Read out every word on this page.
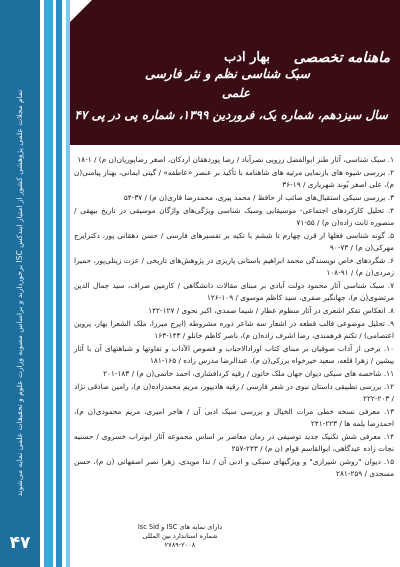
تمام مجلات علمی پژوهشی کشور از امتیاز ایندکس ISC برخوردارند و براساس مصوبه وزارت علوم و تحقیقات علمی نمایه می‌شوند
۴۷
ماهنامه تخصصی
بهار ادب
سبک شناسی نظم و نثر فارسی
علمی
سال سیزدهم، شماره یک، فروردین ۱۳۹۹، شماره پی در پی ۴۷
۱. سبک شناسی، آثار طنز ابوالفضل زرویی نصرآباد / رضا پوردهقان اردکان، اصغر رضاپوریان(ن م) / ۱-۱۸
۲. بررسی شیوه های بازنمایی مرثیه های شاهنامه با تأکید بر عنصر «عاطفه» / گیتی ایمانی، بهناز پیامنی(ن م)، علی اصغر بُوند شهریاری / ۱۹-۳۶
۳. بررسی سبکی استقبال‌های صائب از حافظ / محمد پیری، محمدرضا قاری(ن م) / ۳۷-۵۴
۴. تحلیل کارکردهای اجتماعی- موسیقایی وسبک شناسی ویژگی‌های واژگان موسیقی در تاریخ بیهقی / منصوره ثابت زاده(ن م) / ۵۵-۷۱
۵. گونه شناسی فعلها از قرن چهارم تا ششم با تکیه بر تفسیرهای فارسی / حسن دهقانی پور، دکترایرج مهرکی(ن م) / ۷۳-۹۰
۶. شگردهای خاص نویسندگی محمد ابراهیم باستانی پاریزی در پژوهش‌های تاریخی / عزت زینلی‌پور، حمیرا زمردی(ن م) / ۹۱-۱۰۸
۷. سبک شناسی آثار محمود دولت آبادی بر مبنای مقالات دانشگاهی / کارمین صراف، سید جمال الدین مرتضوی(ن م)، جهانگیر صفری، سید کاظم موسوی / ۱۰۹-۱۲۶
۸. انعکاس تفکر اشعری در آثار منظوم عطار / شیما صمدی، اکبر نحوی / ۱۲۷-۱۴۲
۹. تحلیل موضوعی قالب قطعه در اشعار سه شاعر دوره مشروطه (ایرج میرزا، ملک الشعرا بهار، پروین اعتصامی) / تکتم فرهمندی، رضا اشرف زاده(ن م)، ناصر کاظم خانلو / ۱۴۳-۱۶۳
۱۰. برخی از آداب صوفیان بر مبنای کتاب اورادالاحباب و فصوص الآداب و تفاوتها و شباهتهای آن با آثار پیشین / زهرا قلعه، سعید خیرخواه برزکی(ن م)، عبدالرضا مدرس زاده / ۱۶۵-۱۸۱
۱۱. شاخصه های سبکی دیوان جهان ملک خاتون / رقیه کردافشاری، احمد خاتمی(ن م) / ۱۸۳-۲۰۱
۱۲. بررسی تطبیقی داستان نبوی در شعر فارسی / رقیه هادیپور، مریم محمدزاده(ن م)، رامین صادقی نژاد / ۲۰۳-۲۲۲
۱۳. معرفی نسخه خطی مرات الخیال و بررسی سبک ادبی آن / هاجر امیری، مریم محمودی(ن م)، احمدرضا یلمه ها / ۲۲۳-۲۴۱
۱۴. معرفی شش تکنیک جدید توصیفی در رمان معاصر بر اساس مجموعه آثار ابوتراب خسروی / حسنیه نجات زاده عیدگاهی، ابوالقاسم قوام (ن م) / ۲۴۳-۲۵۷
۱۵. دیوان "روشن شیرازی" و ویژگیهای سبکی و ادبی آن / ندا مویدی، زهرا نصر اصفهانی (ن م)، حسن مسجدی / ۲۵۹-۲۸۱
دارای نمایه های ISC و Isc Sid
شماره استاندارد بین المللی
۲۷۸۹-۲۰۰۸
